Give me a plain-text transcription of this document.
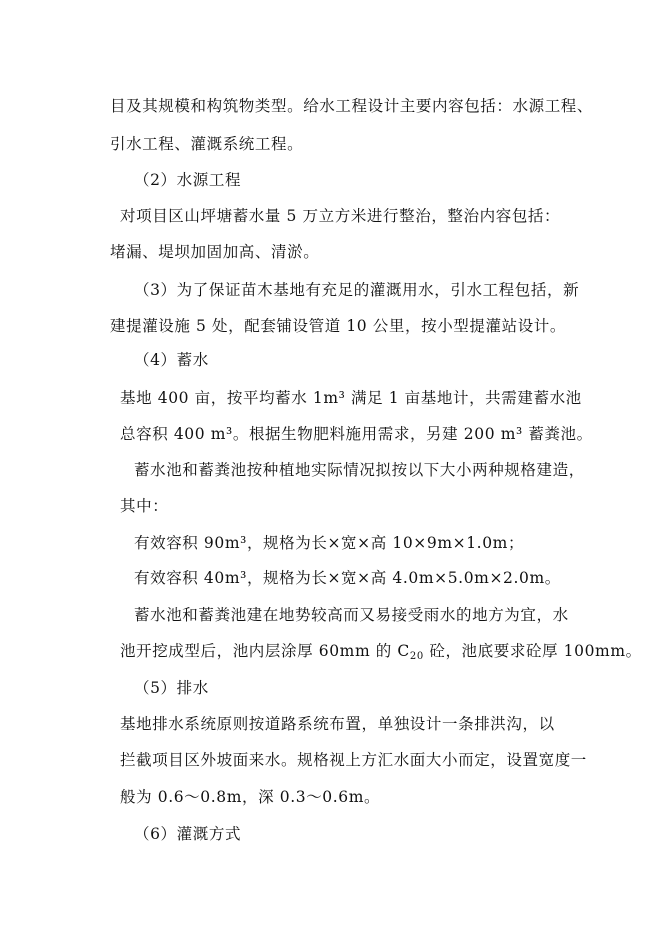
目及其规模和构筑物类型。给水工程设计主要内容包括：水源工程、
引水工程、灌溉系统工程。
（2）水源工程
对项目区山坪塘蓄水量 5 万立方米进行整治，整治内容包括：
堵漏、堤坝加固加高、清淤。
（3）为了保证苗木基地有充足的灌溉用水，引水工程包括，新
建提灌设施 5 处，配套铺设管道 10 公里，按小型提灌站设计。
（4）蓄水
基地 400 亩，按平均蓄水 1m³ 满足 1 亩基地计，共需建蓄水池
总容积 400 m³。根据生物肥料施用需求，另建 200 m³ 蓄粪池。
蓄水池和蓄粪池按种植地实际情况拟按以下大小两种规格建造，
其中：
有效容积 90m³，规格为长×宽×高 10×9m×1.0m；
有效容积 40m³，规格为长×宽×高 4.0m×5.0m×2.0m。
蓄水池和蓄粪池建在地势较高而又易接受雨水的地方为宜，水
池开挖成型后，池内层涂厚 60mm 的 $C_{20}$ 砼，池底要求砼厚 100mm。
（5）排水
基地排水系统原则按道路系统布置，单独设计一条排洪沟，以
拦截项目区外坡面来水。规格视上方汇水面大小而定，设置宽度一
般为 0.6～0.8m，深 0.3～0.6m。
（6）灌溉方式
